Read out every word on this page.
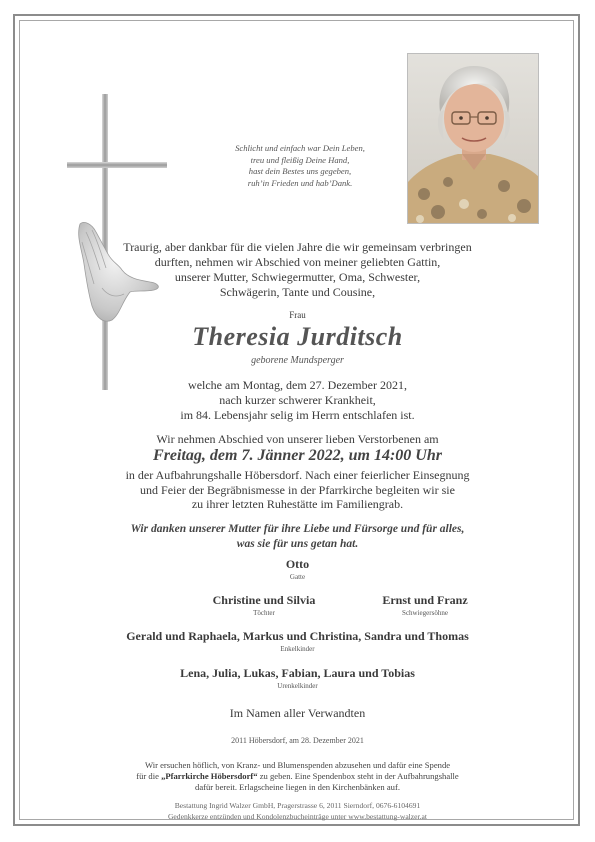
Schlicht und einfach war Dein Leben,
treu und fleißig Deine Hand,
hast dein Bestes uns gegeben,
ruh’in Frieden und hab’Dank.
Traurig, aber dankbar für die vielen Jahre die wir gemeinsam verbringen
durften, nehmen wir Abschied von meiner geliebten Gattin,
unserer Mutter, Schwiegermutter, Oma, Schwester,
Schwägerin, Tante und Cousine,
Frau
Theresia Jurditsch
geborene Mundsperger
welche am Montag, dem 27. Dezember 2021,
nach kurzer schwerer Krankheit,
im 84. Lebensjahr selig im Herrn entschlafen ist.
Wir nehmen Abschied von unserer lieben Verstorbenen am
Freitag, dem 7. Jänner 2022, um 14:00 Uhr
in der Aufbahrungshalle Höbersdorf. Nach einer feierlicher Einsegnung
und Feier der Begräbnismesse in der Pfarrkirche begleiten wir sie
zu ihrer letzten Ruhestätte im Familiengrab.
Wir danken unserer Mutter für ihre Liebe und Fürsorge und für alles,
was sie für uns getan hat.
Otto
Gatte
Christine und Silvia
Töchter
Ernst und Franz
Schwiegersöhne
Gerald und Raphaela, Markus und Christina, Sandra und Thomas
Enkelkinder
Lena, Julia, Lukas, Fabian, Laura und Tobias
Urenkelkinder
Im Namen aller Verwandten
2011 Höbersdorf, am 28. Dezember 2021
Wir ersuchen höflich, von Kranz- und Blumenspenden abzusehen und dafür eine Spende
für die „Pfarrkirche Höbersdorf“ zu geben. Eine Spendenbox steht in der Aufbahrungshalle
dafür bereit. Erlagscheine liegen in den Kirchenbänken auf.
Bestattung Ingrid Walzer GmbH, Pragerstrasse 6, 2011 Sierndorf, 0676-6104691
Gedenkkerze entzünden und Kondolenzbucheinträge unter www.bestattung-walzer.at
